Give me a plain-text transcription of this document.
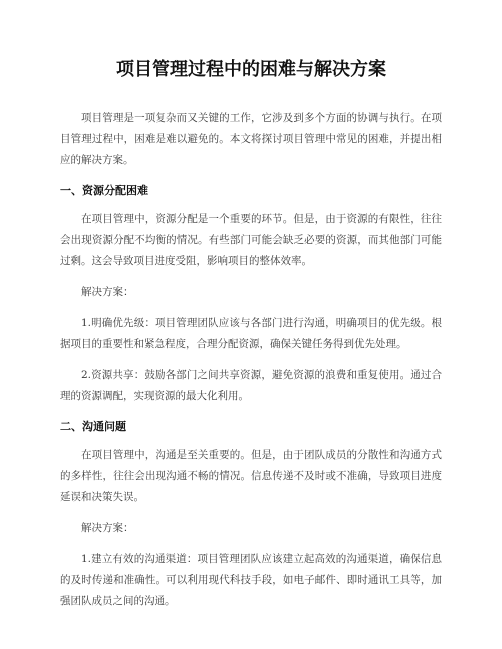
项目管理过程中的困难与解决方案

项目管理是一项复杂而又关键的工作，它涉及到多个方面的协调与执行。在项目管理过程中，困难是难以避免的。本文将探讨项目管理中常见的困难，并提出相应的解决方案。

一、资源分配困难

在项目管理中，资源分配是一个重要的环节。但是，由于资源的有限性，往往会出现资源分配不均衡的情况。有些部门可能会缺乏必要的资源，而其他部门可能过剩。这会导致项目进度受阻，影响项目的整体效率。

解决方案：

1.明确优先级：项目管理团队应该与各部门进行沟通，明确项目的优先级。根据项目的重要性和紧急程度，合理分配资源，确保关键任务得到优先处理。

2.资源共享：鼓励各部门之间共享资源，避免资源的浪费和重复使用。通过合理的资源调配，实现资源的最大化利用。

二、沟通问题

在项目管理中，沟通是至关重要的。但是，由于团队成员的分散性和沟通方式的多样性，往往会出现沟通不畅的情况。信息传递不及时或不准确，导致项目进度延误和决策失误。

解决方案：

1.建立有效的沟通渠道：项目管理团队应该建立起高效的沟通渠道，确保信息的及时传递和准确性。可以利用现代科技手段，如电子邮件、即时通讯工具等，加强团队成员之间的沟通。
